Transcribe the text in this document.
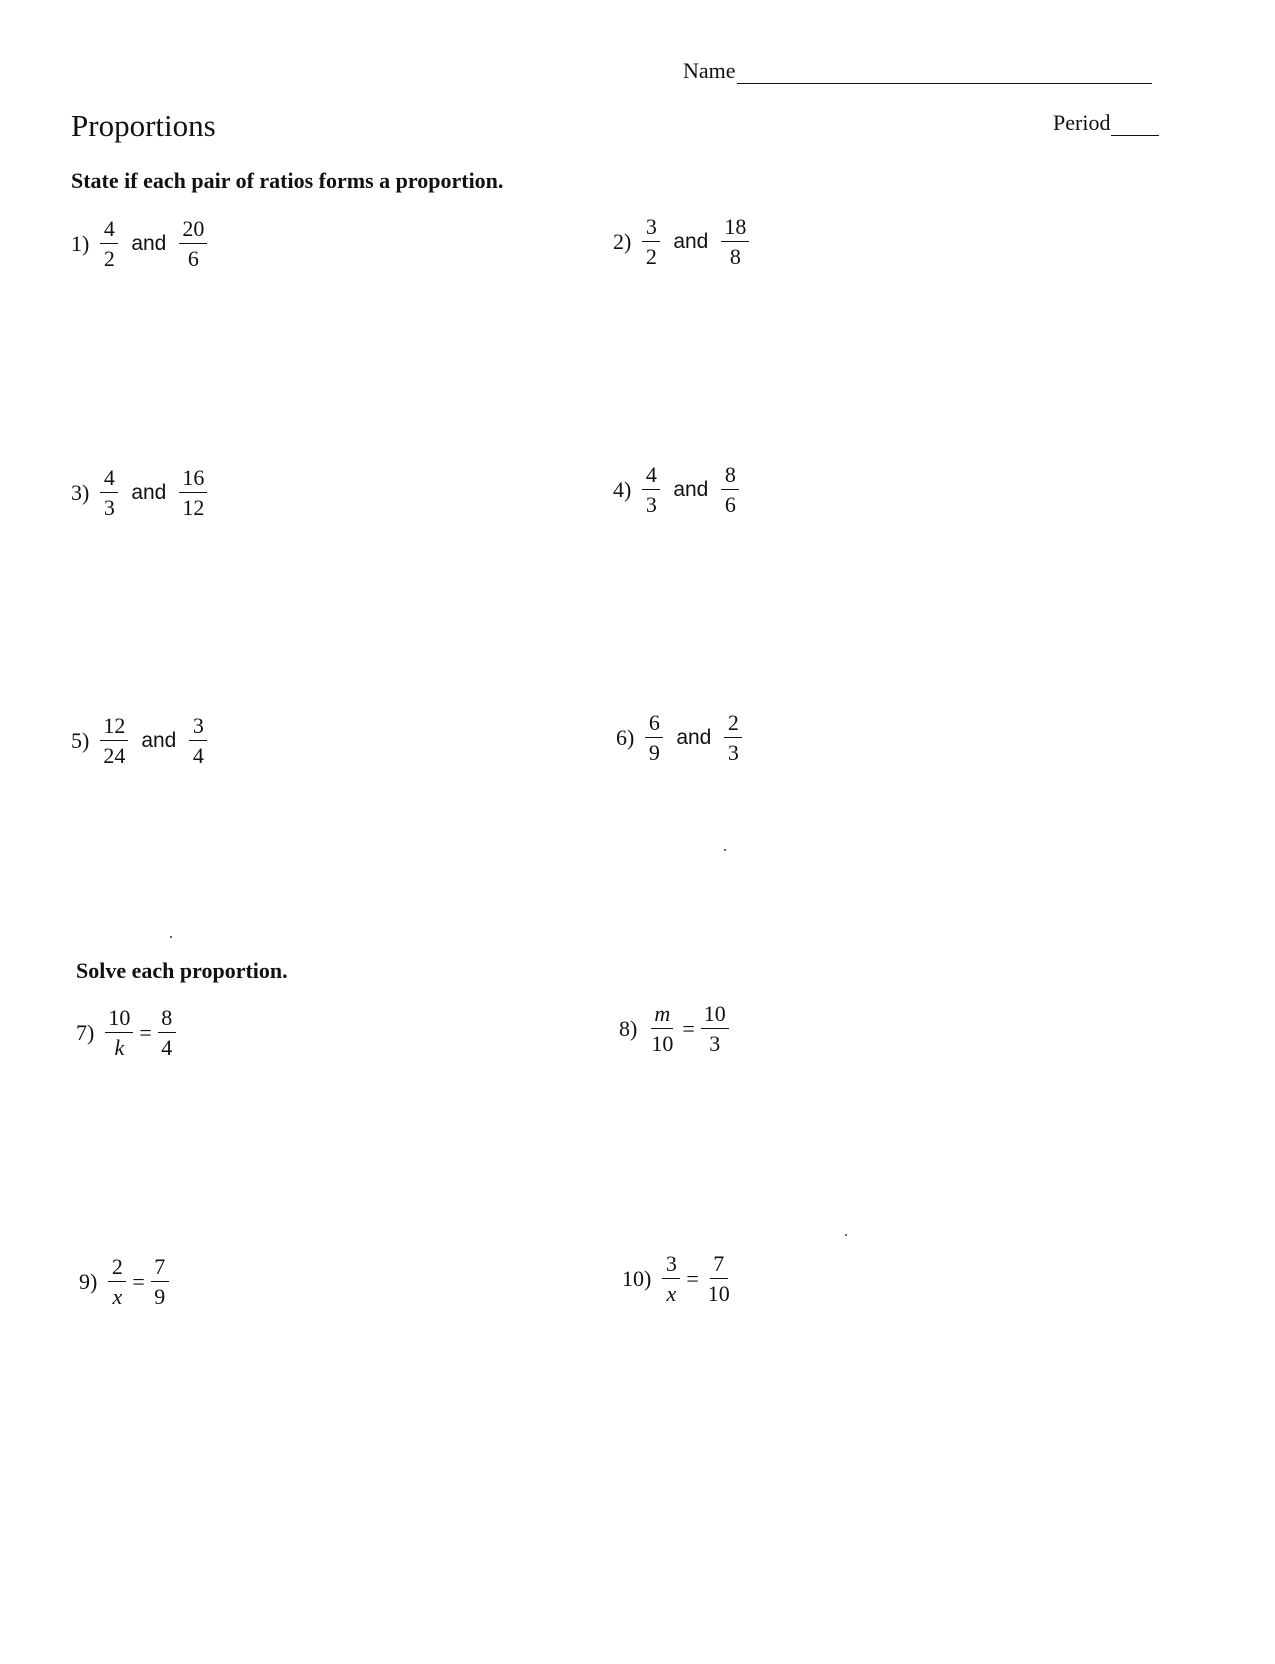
Name
Proportions	Period
State if each pair of ratios forms a proportion.
$1) \frac{4}{2}$ and $\frac{20}{6}$	$2) \frac{3}{2}$ and $\frac{18}{8}$
$3) \frac{4}{3}$ and $\frac{16}{12}$	$4) \frac{4}{3}$ and $\frac{8}{6}$
$5) \frac{12}{24}$ and $\frac{3}{4}$	$6) \frac{6}{9}$ and $\frac{2}{3}$
Solve each proportion.
$7) \frac{10}{k} = \frac{8}{4}$	$8) \frac{m}{10} = \frac{10}{3}$
$9) \frac{2}{x} = \frac{7}{9}$	$10) \frac{3}{x} = \frac{7}{10}$
